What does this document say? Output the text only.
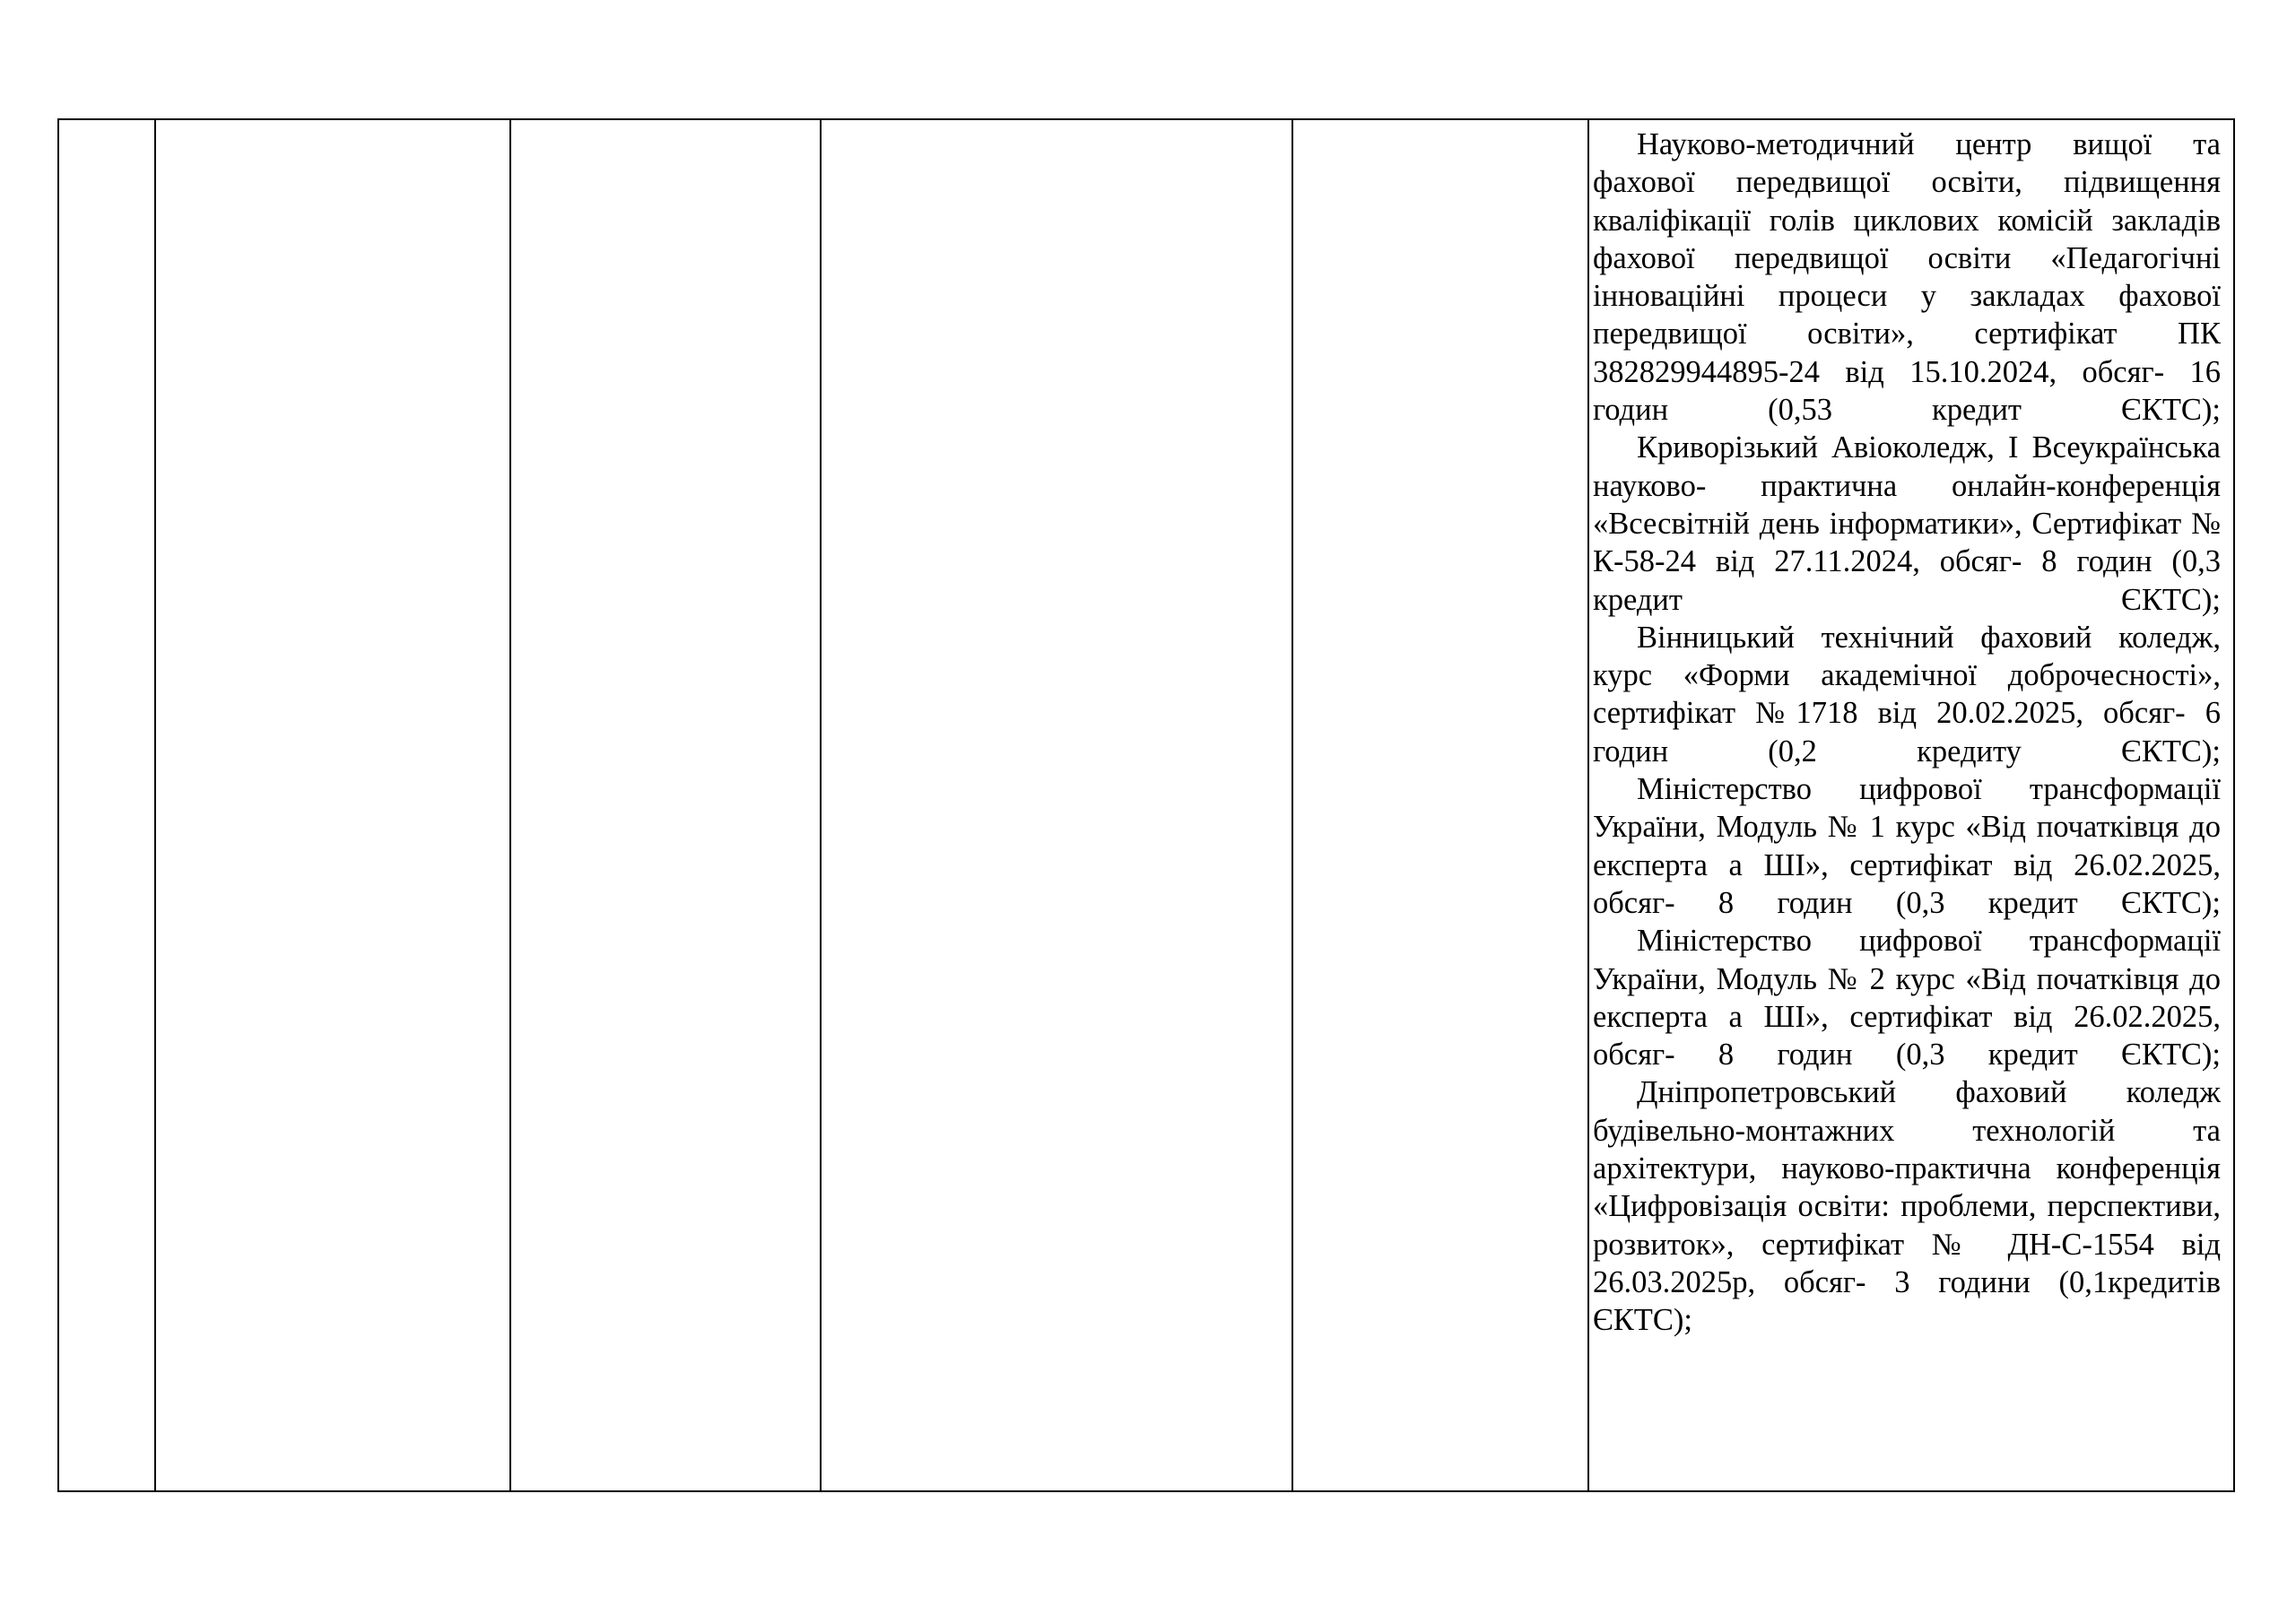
Науково-методичний центр вищої та фахової передвищої освіти, підвищення кваліфікації голів циклових комісій закладів фахової передвищої освіти «Педагогічні інноваційні процеси у закладах фахової передвищої освіти», сертифікат ПК 382829944895-24 від 15.10.2024, обсяг- 16 годин (0,53 кредит ЄКТС);

Криворізький Авіоколедж, І Всеукраїнська науково- практична онлайн-конференція «Всесвітній день інформатики», Сертифікат № К-58-24 від 27.11.2024, обсяг- 8 годин (0,3 кредит ЄКТС);

Вінницький технічний фаховий коледж, курс «Форми академічної доброчесності», сертифікат №1718 від 20.02.2025, обсяг- 6 годин (0,2 кредиту ЄКТС);

Міністерство цифрової трансформації України, Модуль № 1 курс «Від початківця до експерта а ШІ», сертифікат від 26.02.2025, обсяг- 8 годин (0,3 кредит ЄКТС);

Міністерство цифрової трансформації України, Модуль № 2 курс «Від початківця до експерта а ШІ», сертифікат від 26.02.2025, обсяг- 8 годин (0,3 кредит ЄКТС);

Дніпропетровський фаховий коледж будівельно-монтажних технологій та архітектури, науково-практична конференція «Цифровізація освіти: проблеми, перспективи, розвиток», сертифікат № ДН-С-1554 від 26.03.2025р, обсяг- 3 години (0,1кредитів ЄКТС);
